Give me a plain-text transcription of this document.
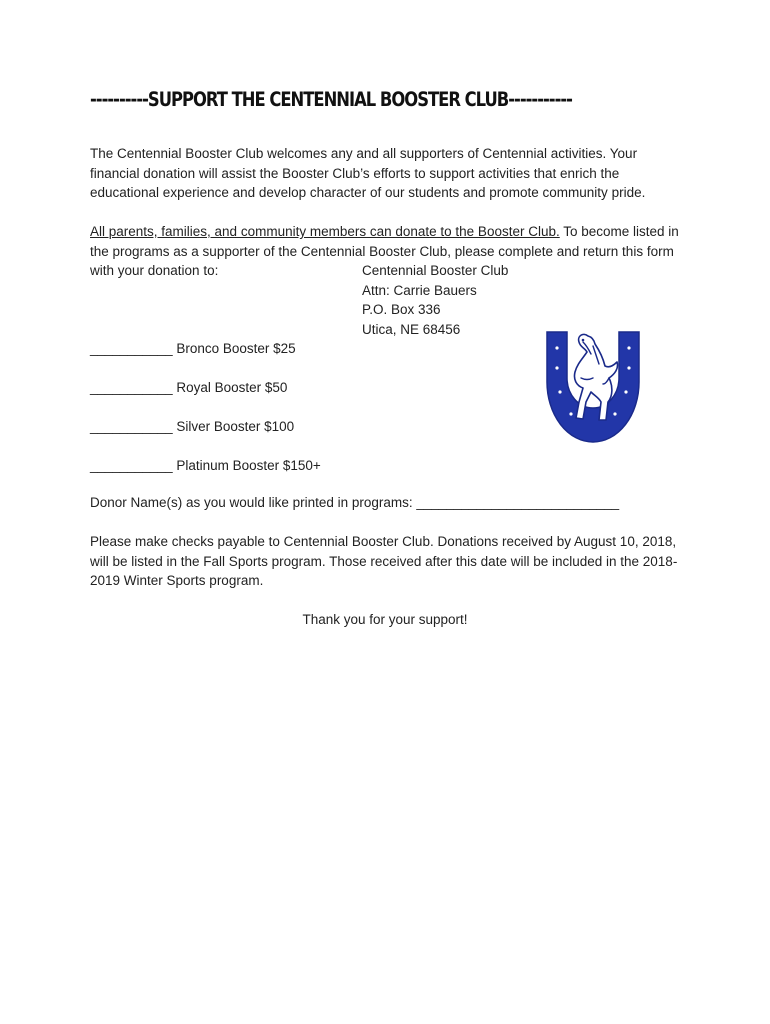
----------SUPPORT THE CENTENNIAL BOOSTER CLUB-----------

The Centennial Booster Club welcomes any and all supporters of Centennial activities. Your financial donation will assist the Booster Club’s efforts to support activities that enrich the educational experience and develop character of our students and promote community pride.

All parents, families, and community members can donate to the Booster Club. To become listed in the programs as a supporter of the Centennial Booster Club, please complete and return this form with your donation to:	Centennial Booster Club
Attn: Carrie Bauers
P.O. Box 336
Utica, NE 68456
___________ Bronco Booster $25
___________ Royal Booster $50
___________ Silver Booster $100
___________ Platinum Booster $150+
Donor Name(s) as you would like printed in programs: ___________________________

Please make checks payable to Centennial Booster Club. Donations received by August 10, 2018, will be listed in the Fall Sports program. Those received after this date will be included in the 2018-2019 Winter Sports program.

Thank you for your support!
